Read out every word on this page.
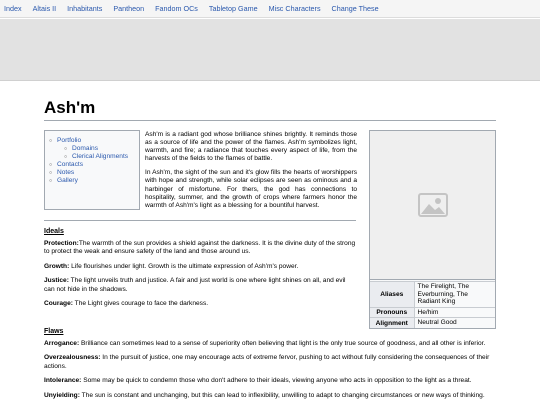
Index Altais II Inhabitants Pantheon Fandom OCs Tabletop Game Misc Characters Change These
Ash'm
○ Portfolio
○ Domains
○ Clerical Alignments
○ Contacts
○ Notes
○ Gallery

Ash'm is a radiant god whose brilliance shines brightly. It reminds those as a source of life and the power of the flames. Ash'm symbolizes light, warmth, and fire; a radiance that touches every aspect of life, from the harvests of the fields to the flames of battle.

In Ash'm, the sight of the sun and it's glow fills the hearts of worshippers with hope and strength, while solar eclipses are seen as ominous and a harbinger of misfortune. For thers, the god has connections to hospitality, summer, and the growth of crops where farmers honor the warmth of Ash'm's light as a blessing for a bountiful harvest.

Aliases	The Firelight, The Everburning, The Radiant King
Pronouns	He/him
Alignment	Neutral Good
Ideals

Protection:The warmth of the sun provides a shield against the darkness. It is the divine duty of the strong to protect the weak and ensure safety of the land and those around us.

Growth: Life flourishes under light. Growth is the ultimate expression of Ash'm's power.

Justice: The light unveils truth and justice. A fair and just world is one where light shines on all, and evil can not hide in the shadows.

Courage: The Light gives courage to face the darkness.

Flaws

Arrogance: Brilliance can sometimes lead to a sense of superiority often believing that light is the only true source of goodness, and all other is inferior.

Overzealousness: In the pursuit of justice, one may encourage acts of extreme fervor, pushing to act without fully considering the consequences of their actions.

Intolerance: Some may be quick to condemn those who don't adhere to their ideals, viewing anyone who acts in opposition to the light as a threat.

Unyielding: The sun is constant and unchanging, but this can lead to inflexibility, unwilling to adapt to changing circumstances or new ways of thinking.
